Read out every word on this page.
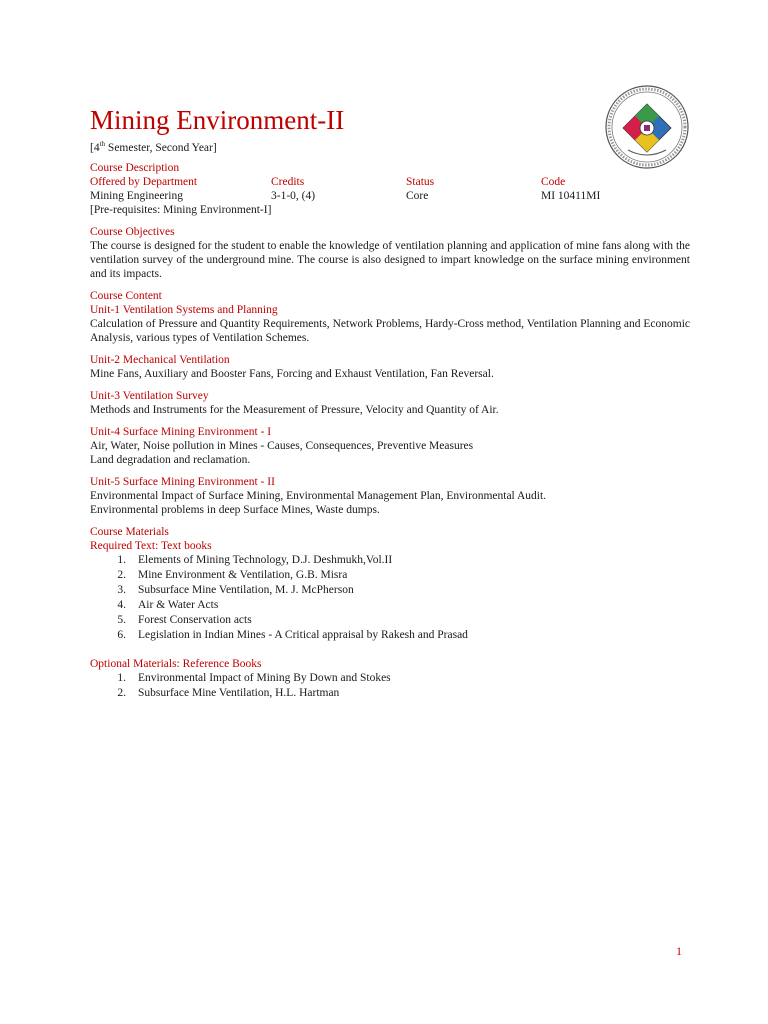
Mining Environment-II
[4th Semester, Second Year]
Course Description
Offered by Department	Credits	Status	Code
Mining Engineering	3-1-0, (4)	Core	MI 10411MI
[Pre-requisites: Mining Environment-I]
Course Objectives
The course is designed for the student to enable the knowledge of ventilation planning and application of mine fans along with the ventilation survey of the underground mine. The course is also designed to impart knowledge on the surface mining environment and its impacts.
Course Content
Unit-1 Ventilation Systems and Planning
Calculation of Pressure and Quantity Requirements, Network Problems, Hardy-Cross method, Ventilation Planning and Economic Analysis, various types of Ventilation Schemes.
Unit-2 Mechanical Ventilation
Mine Fans, Auxiliary and Booster Fans, Forcing and Exhaust Ventilation, Fan Reversal.
Unit-3 Ventilation Survey
Methods and Instruments for the Measurement of Pressure, Velocity and Quantity of Air.
Unit-4 Surface Mining Environment - I
Air, Water, Noise pollution in Mines - Causes, Consequences, Preventive Measures
Land degradation and reclamation.
Unit-5 Surface Mining Environment - II
Environmental Impact of Surface Mining, Environmental Management Plan, Environmental Audit.
Environmental problems in deep Surface Mines, Waste dumps.
Course Materials
Required Text: Text books
1.	Elements of Mining Technology, D.J. Deshmukh,Vol.II
2.	Mine Environment & Ventilation, G.B. Misra
3.	Subsurface Mine Ventilation, M. J. McPherson
4.	Air & Water Acts
5.	Forest Conservation acts
6.	Legislation in Indian Mines - A Critical appraisal by Rakesh and Prasad
Optional Materials: Reference Books
1.	Environmental Impact of Mining By Down and Stokes
2.	Subsurface Mine Ventilation, H.L. Hartman
1
